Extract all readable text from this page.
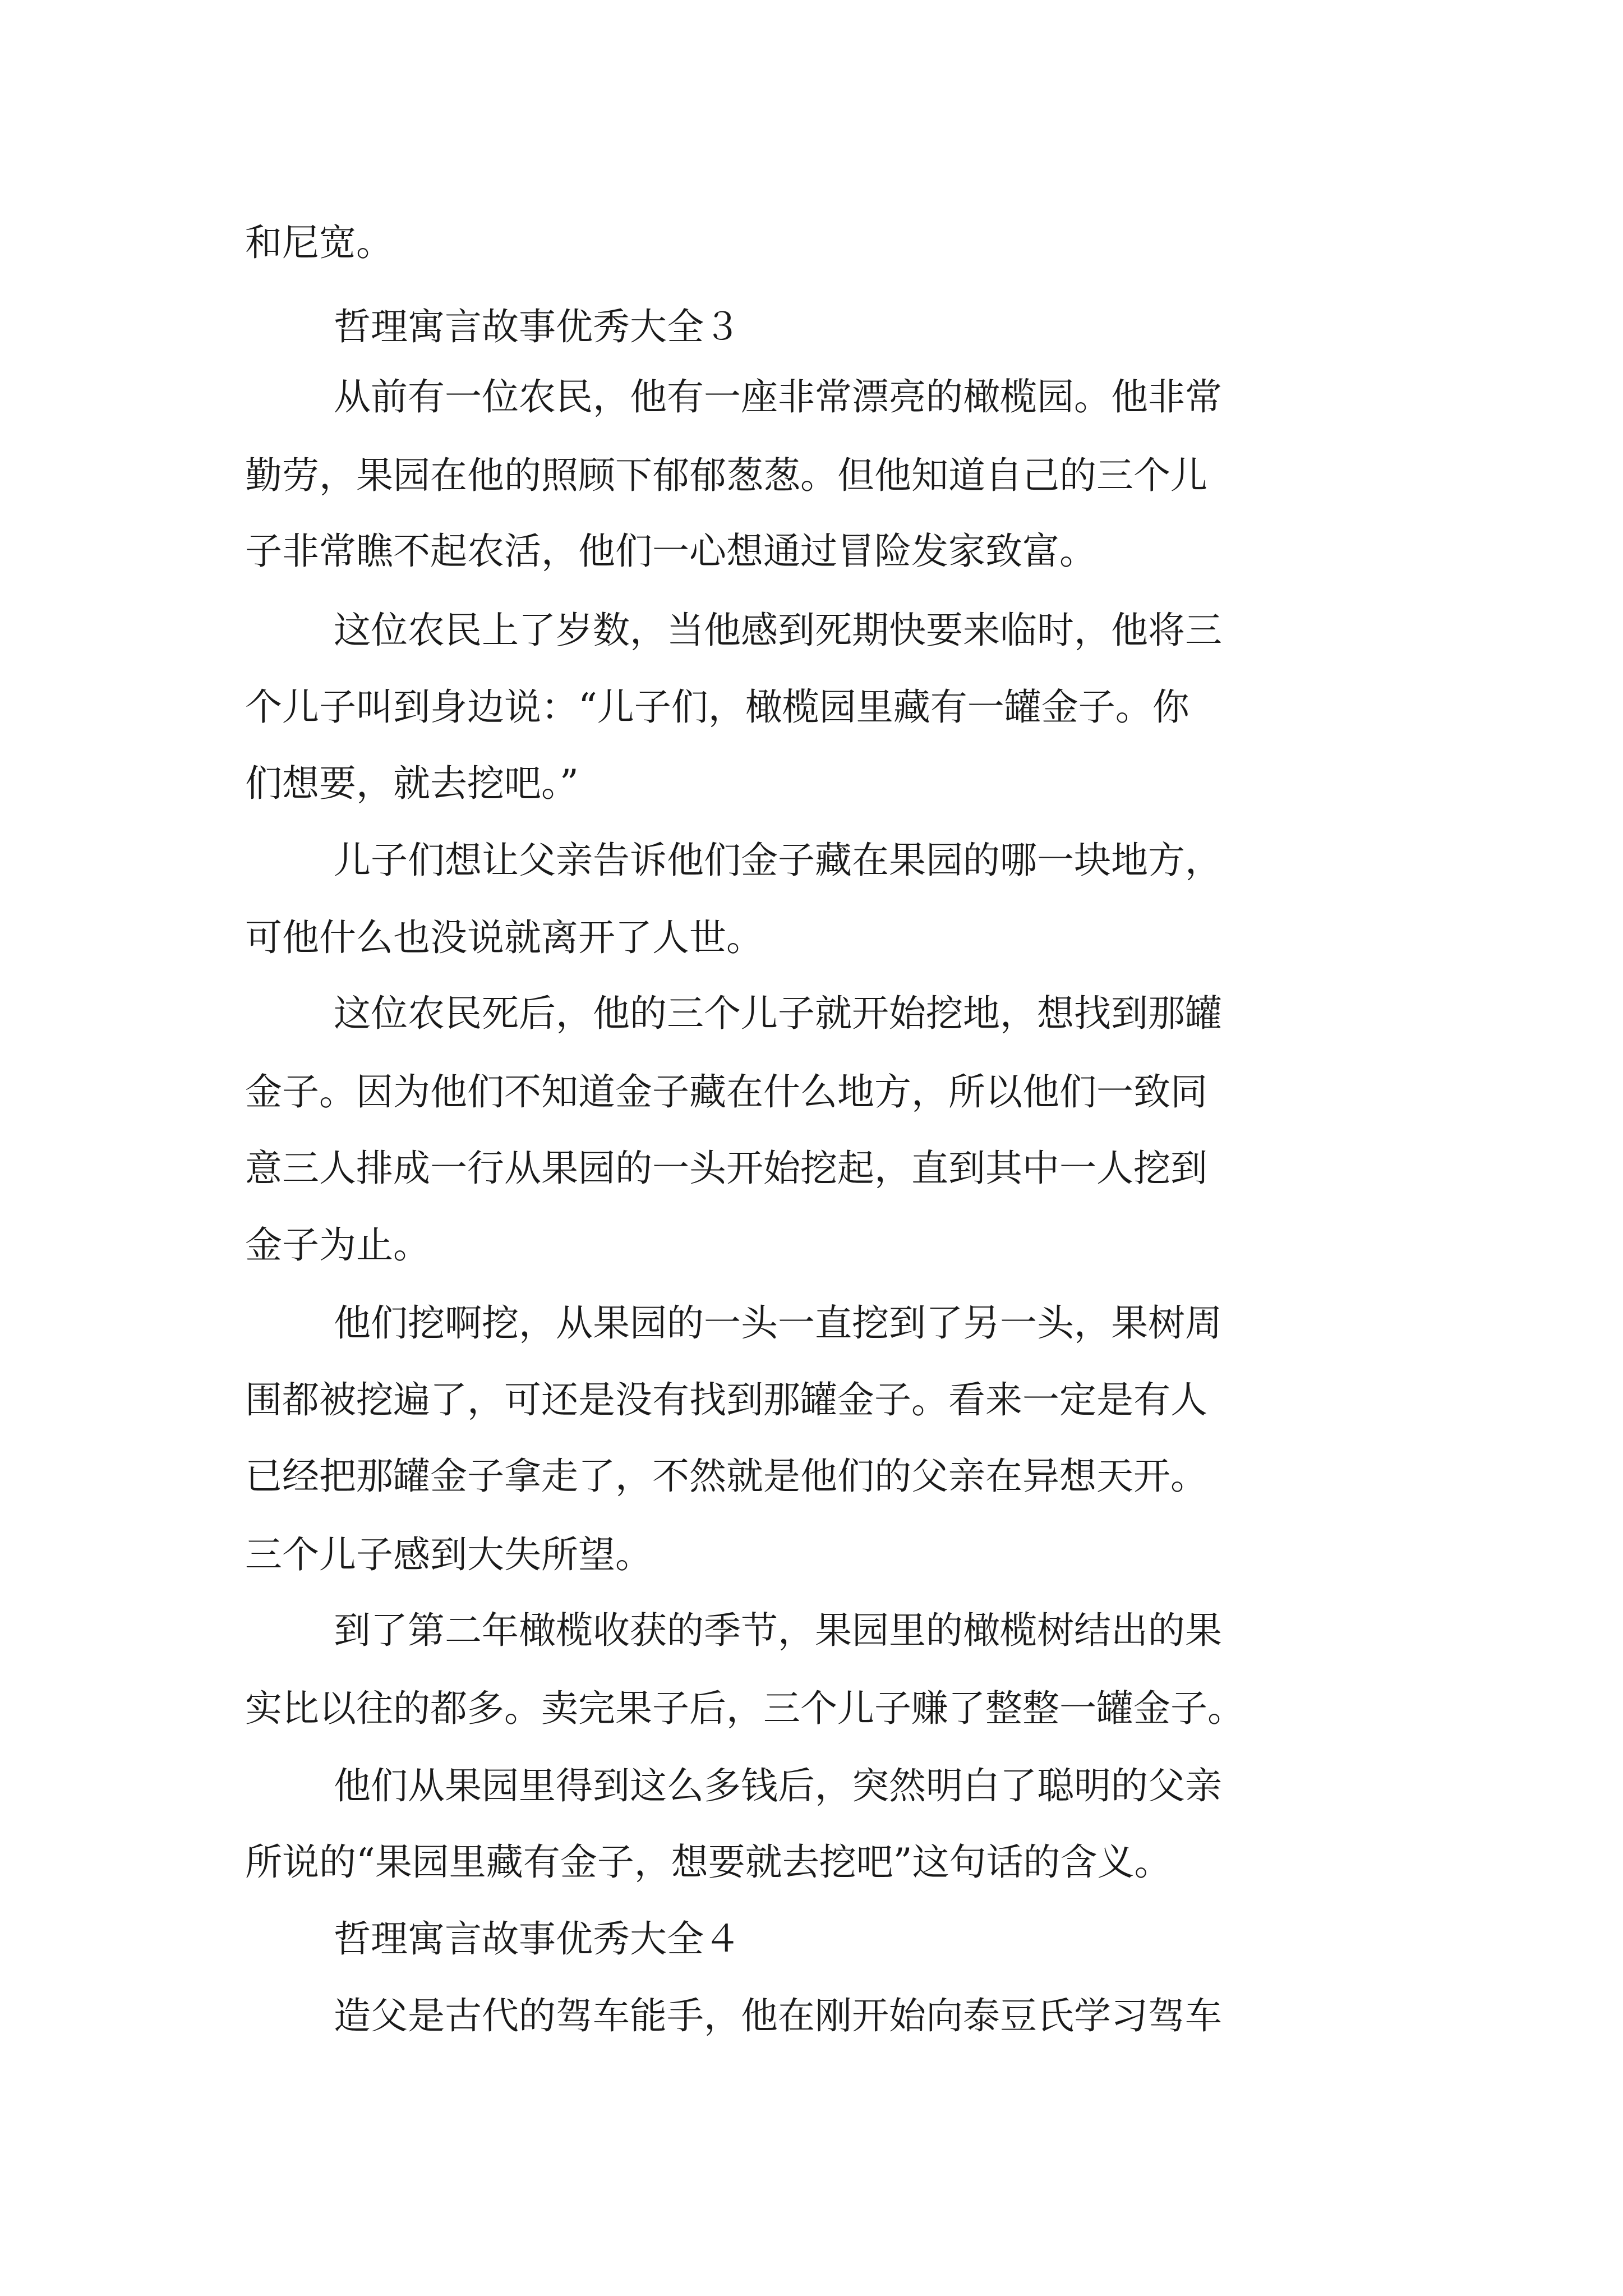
和尼宽。

哲理寓言故事优秀大全３

从前有一位农民，他有一座非常漂亮的橄榄园。他非常

勤劳，果园在他的照顾下郁郁葱葱。但他知道自己的三个儿

子非常瞧不起农活，他们一心想通过冒险发家致富。

这位农民上了岁数，当他感到死期快要来临时，他将三

个儿子叫到身边说：“儿子们，橄榄园里藏有一罐金子。你

们想要，就去挖吧。”

儿子们想让父亲告诉他们金子藏在果园的哪一块地方，

可他什么也没说就离开了人世。

这位农民死后，他的三个儿子就开始挖地，想找到那罐

金子。因为他们不知道金子藏在什么地方，所以他们一致同

意三人排成一行从果园的一头开始挖起，直到其中一人挖到

金子为止。

他们挖啊挖，从果园的一头一直挖到了另一头，果树周

围都被挖遍了，可还是没有找到那罐金子。看来一定是有人

已经把那罐金子拿走了，不然就是他们的父亲在异想天开。

三个儿子感到大失所望。

到了第二年橄榄收获的季节，果园里的橄榄树结出的果

实比以往的都多。卖完果子后，三个儿子赚了整整一罐金子。

他们从果园里得到这么多钱后，突然明白了聪明的父亲

所说的“果园里藏有金子，想要就去挖吧”这句话的含义。

哲理寓言故事优秀大全４

造父是古代的驾车能手，他在刚开始向泰豆氏学习驾车
